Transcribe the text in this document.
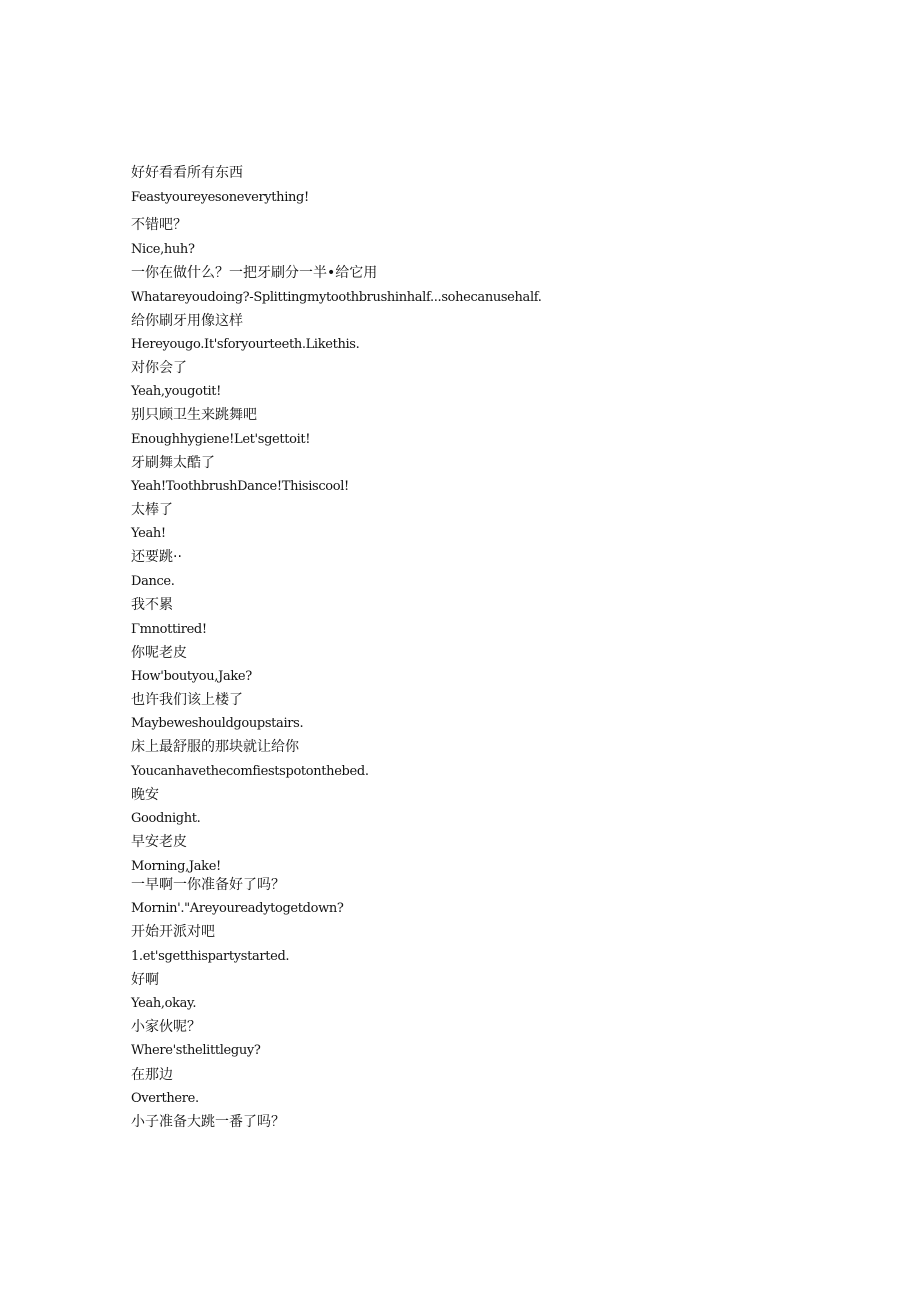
好好看看所有东西
Feastyoureyesoneverything!
不错吧？
Nice,huh?
一你在做什么？一把牙刷分一半•给它用
Whatareyoudoing?-Splittingmytoothbrushinhalf...sohecanusehalf.
给你刷牙用像这样
Hereyougo.It'sforyourteeth.Likethis.
对你会了
Yeah,yougotit!
别只顾卫生来跳舞吧
Enoughhygiene!Let'sgettoit!
牙刷舞太酷了
Yeah!ToothbrushDance!Thisiscool!
太棒了
Yeah!
还要跳··
Dance.
我不累
Γmnottired!
你呢老皮
How'boutyou,Jake?
也许我们该上楼了
Maybeweshouldgoupstairs.
床上最舒服的那块就让给你
Youcanhavethecomfiestspotonthebed.
晚安
Goodnight.
早安老皮
Morning,Jake!
一早啊一你准备好了吗？
Mornin'."Areyoureadytogetdown?
开始开派对吧
1.et'sgetthispartystarted.
好啊
Yeah,okay.
小家伙呢？
Where'sthelittleguy?
在那边
Overthere.
小子准备大跳一番了吗？
